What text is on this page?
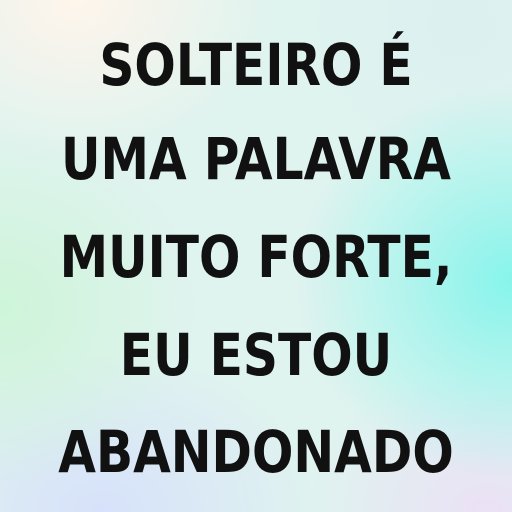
SOLTEIRO É
UMA PALAVRA
MUITO FORTE,
EU ESTOU
ABANDONADO
